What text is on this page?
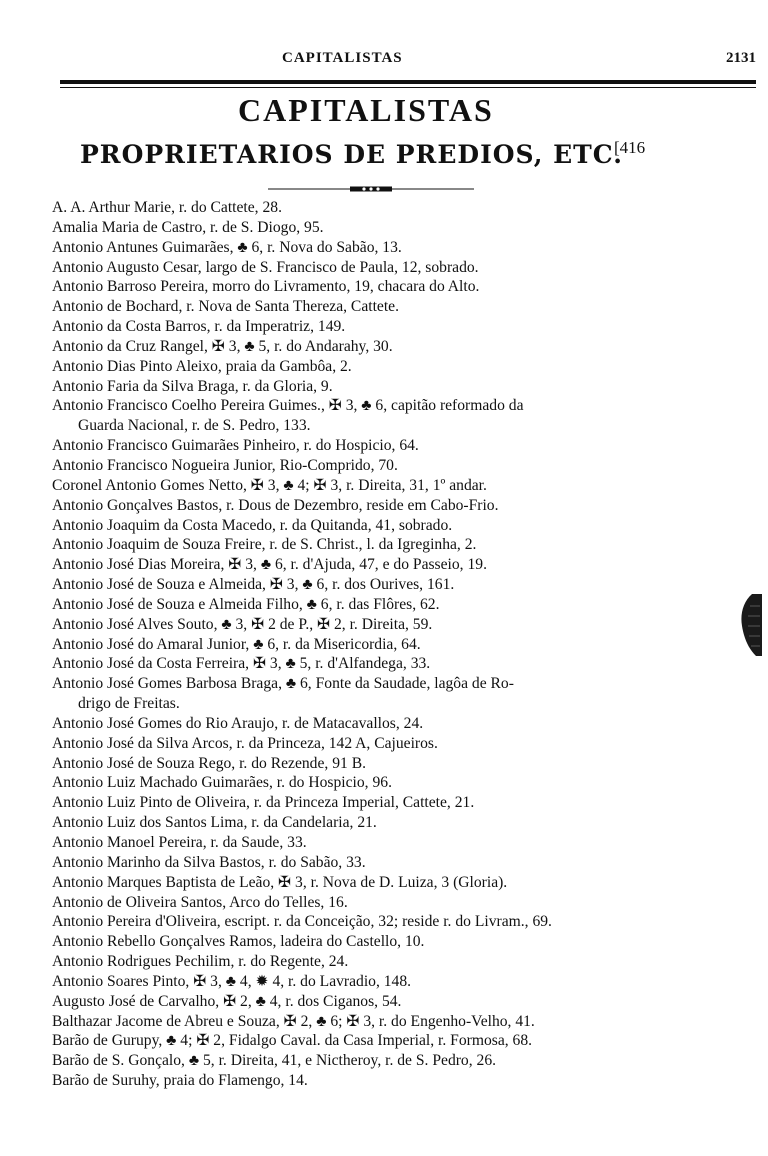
CAPITALISTAS	2131
CAPITALISTAS
PROPRIETARIOS DE PREDIOS, ETC.
[416
A. A. Arthur Marie, r. do Cattete, 28.
Amalia Maria de Castro, r. de S. Diogo, 95.
Antonio Antunes Guimarães, ♣ 6, r. Nova do Sabão, 13.
Antonio Augusto Cesar, largo de S. Francisco de Paula, 12, sobrado.
Antonio Barroso Pereira, morro do Livramento, 19, chacara do Alto.
Antonio de Bochard, r. Nova de Santa Thereza, Cattete.
Antonio da Costa Barros, r. da Imperatriz, 149.
Antonio da Cruz Rangel, ✠ 3, ♣ 5, r. do Andarahy, 30.
Antonio Dias Pinto Aleixo, praia da Gambôa, 2.
Antonio Faria da Silva Braga, r. da Gloria, 9.
Antonio Francisco Coelho Pereira Guimes., ✠ 3, ♣ 6, capitão reformado da
Guarda Nacional, r. de S. Pedro, 133.
Antonio Francisco Guimarães Pinheiro, r. do Hospicio, 64.
Antonio Francisco Nogueira Junior, Rio-Comprido, 70.
Coronel Antonio Gomes Netto, ✠ 3, ♣ 4; ✠ 3, r. Direita, 31, 1º andar.
Antonio Gonçalves Bastos, r. Dous de Dezembro, reside em Cabo-Frio.
Antonio Joaquim da Costa Macedo, r. da Quitanda, 41, sobrado.
Antonio Joaquim de Souza Freire, r. de S. Christ., l. da Igreginha, 2.
Antonio José Dias Moreira, ✠ 3, ♣ 6, r. d'Ajuda, 47, e do Passeio, 19.
Antonio José de Souza e Almeida, ✠ 3, ♣ 6, r. dos Ourives, 161.
Antonio José de Souza e Almeida Filho, ♣ 6, r. das Flôres, 62.
Antonio José Alves Souto, ♣ 3, ✠ 2 de P., ✠ 2, r. Direita, 59.
Antonio José do Amaral Junior, ♣ 6, r. da Misericordia, 64.
Antonio José da Costa Ferreira, ✠ 3, ♣ 5, r. d'Alfandega, 33.
Antonio José Gomes Barbosa Braga, ♣ 6, Fonte da Saudade, lagôa de Ro-
drigo de Freitas.
Antonio José Gomes do Rio Araujo, r. de Matacavallos, 24.
Antonio José da Silva Arcos, r. da Princeza, 142 A, Cajueiros.
Antonio José de Souza Rego, r. do Rezende, 91 B.
Antonio Luiz Machado Guimarães, r. do Hospicio, 96.
Antonio Luiz Pinto de Oliveira, r. da Princeza Imperial, Cattete, 21.
Antonio Luiz dos Santos Lima, r. da Candelaria, 21.
Antonio Manoel Pereira, r. da Saude, 33.
Antonio Marinho da Silva Bastos, r. do Sabão, 33.
Antonio Marques Baptista de Leão, ✠ 3, r. Nova de D. Luiza, 3 (Gloria).
Antonio de Oliveira Santos, Arco do Telles, 16.
Antonio Pereira d'Oliveira, escript. r. da Conceição, 32; reside r. do Livram., 69.
Antonio Rebello Gonçalves Ramos, ladeira do Castello, 10.
Antonio Rodrigues Pechilim, r. do Regente, 24.
Antonio Soares Pinto, ✠ 3, ♣ 4, ✹ 4, r. do Lavradio, 148.
Augusto José de Carvalho, ✠ 2, ♣ 4, r. dos Ciganos, 54.
Balthazar Jacome de Abreu e Souza, ✠ 2, ♣ 6; ✠ 3, r. do Engenho-Velho, 41.
Barão de Gurupy, ♣ 4; ✠ 2, Fidalgo Caval. da Casa Imperial, r. Formosa, 68.
Barão de S. Gonçalo, ♣ 5, r. Direita, 41, e Nictheroy, r. de S. Pedro, 26.
Barão de Suruhy, praia do Flamengo, 14.
